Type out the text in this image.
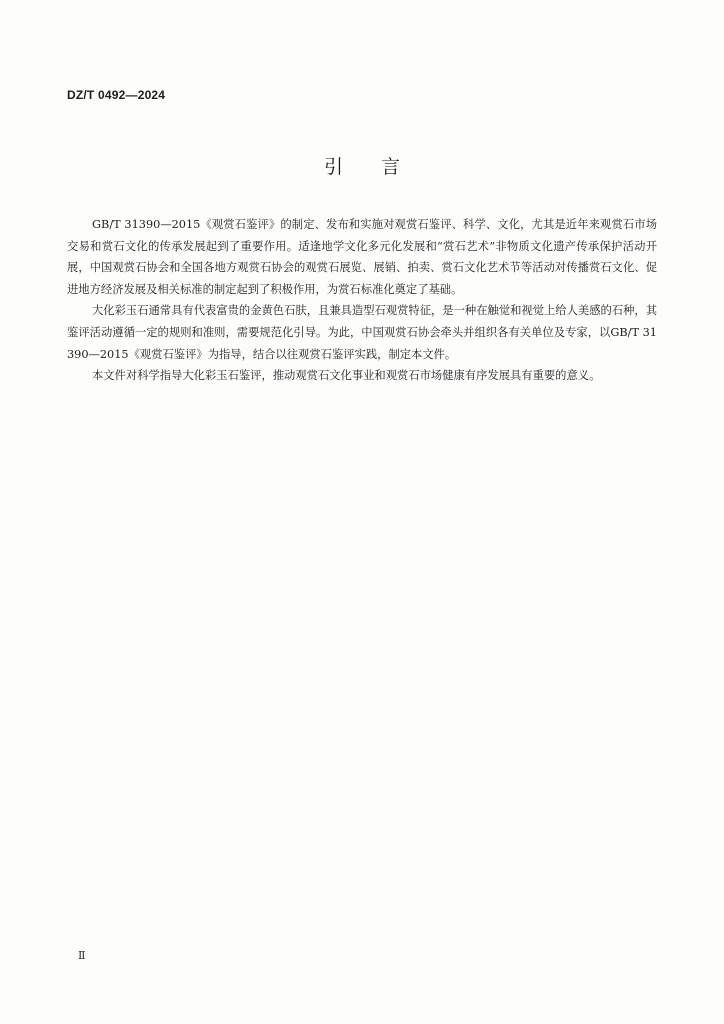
DZ/T 0492—2024
引言

GB/T 31390—2015《观赏石鉴评》的制定、发布和实施对观赏石鉴评、科学、文化，尤其是近年来观赏石市场交易和赏石文化的传承发展起到了重要作用。适逢地学文化多元化发展和“赏石艺术”非物质文化遗产传承保护活动开展，中国观赏石协会和全国各地方观赏石协会的观赏石展览、展销、拍卖、赏石文化艺术节等活动对传播赏石文化、促进地方经济发展及相关标准的制定起到了积极作用，为赏石标准化奠定了基础。

大化彩玉石通常具有代表富贵的金黄色石肤，且兼具造型石观赏特征，是一种在触觉和视觉上给人美感的石种，其鉴评活动遵循一定的规则和准则，需要规范化引导。为此，中国观赏石协会牵头并组织各有关单位及专家，以GB/T 31390—2015《观赏石鉴评》为指导，结合以往观赏石鉴评实践，制定本文件。

本文件对科学指导大化彩玉石鉴评，推动观赏石文化事业和观赏石市场健康有序发展具有重要的意义。

Ⅱ
